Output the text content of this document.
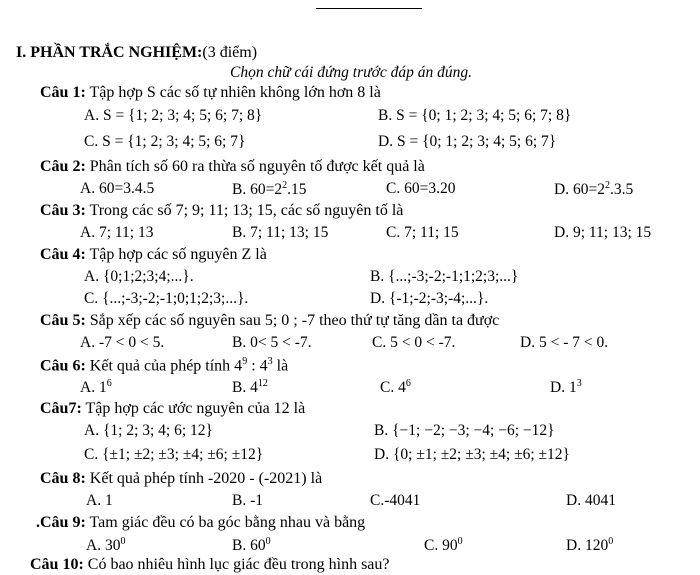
I. PHẦN TRẮC NGHIỆM:(3 điểm)
Chọn chữ cái đứng trước đáp án đúng.
Câu 1: Tập hợp S các số tự nhiên không lớn hơn 8 là
A. S = {1; 2; 3; 4; 5; 6; 7; 8}	B. S = {0; 1; 2; 3; 4; 5; 6; 7; 8}
C. S = {1; 2; 3; 4; 5; 6; 7}	D. S = {0; 1; 2; 3; 4; 5; 6; 7}
Câu 2: Phân tích số 60 ra thừa số nguyên tố được kết quả là
A. 60=3.4.5	B. $60=2^2.15$	C. 60=3.20	D. $60=2^2.3.5$
Câu 3: Trong các số 7; 9; 11; 13; 15, các số nguyên tố là
A. 7; 11; 13	B. 7; 11; 13; 15	C. 7; 11; 15	D. 9; 11; 13; 15
Câu 4: Tập hợp các số nguyên Z là
A. {0;1;2;3;4;...}.	B. {...;-3;-2;-1;1;2;3;...}
C. {...;-3;-2;-1;0;1;2;3;...}.	D. {-1;-2;-3;-4;...}.
Câu 5: Sắp xếp các số nguyên sau 5; 0 ; -7 theo thứ tự tăng dần ta được
A. -7 < 0 < 5.	B. 0< 5 < -7.	C. 5 < 0 < -7.	D. 5 < - 7 < 0.
Câu 6: Kết quả của phép tính $4^9$ : $4^3$ là
A. $1^6$	B. $4^{12}$	C. $4^6$	D. $1^3$
Câu7: Tập hợp các ước nguyên của 12 là
A. {1; 2; 3; 4; 6; 12}	B. {−1; −2; −3; −4; −6; −12}
C. {±1; ±2; ±3; ±4; ±6; ±12}	D. {0; ±1; ±2; ±3; ±4; ±6; ±12}
Câu 8: Kết quả phép tính -2020 - (-2021) là
A. 1	B. -1	C.-4041	D. 4041
.Câu 9: Tam giác đều có ba góc bằng nhau và bằng
A. $30^0$	B. $60^0$	C. $90^0$	D. $120^0$
Câu 10: Có bao nhiêu hình lục giác đều trong hình sau?
